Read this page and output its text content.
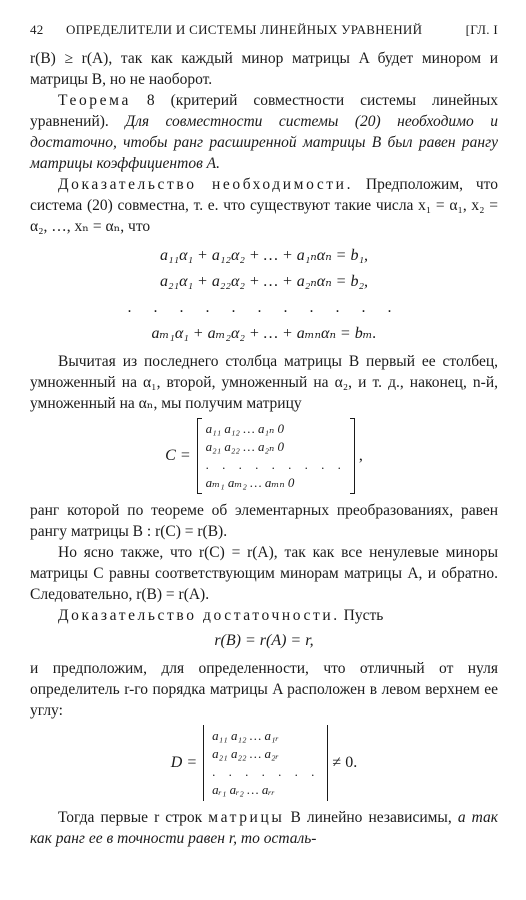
42	ОПРЕДЕЛИТЕЛИ И СИСТЕМЫ ЛИНЕЙНЫХ УРАВНЕНИЙ	[ГЛ. I

r(B) ≥ r(A), так как каждый минор матрицы A будет минором и матрицы B, но не наоборот.

Теорема 8 (критерий совместности системы линейных уравнений). Для совместности системы (20) необходимо и достаточно, чтобы ранг расширенной матрицы B был равен рангу матрицы коэффициентов A.

Доказательство необходимости. Предположим, что система (20) совместна, т. е. что существуют такие числа x₁ = α₁, x₂ = α₂, …, xₙ = αₙ, что

a₁₁α₁ + a₁₂α₂ + … + a₁ₙαₙ = b₁,
a₂₁α₁ + a₂₂α₂ + … + a₂ₙαₙ = b₂,
. . . . . . . . . . .
aₘ₁α₁ + aₘ₂α₂ + … + aₘₙαₙ = bₘ.

Вычитая из последнего столбца матрицы B первый ее столбец, умноженный на α₁, второй, умноженный на α₂, и т. д., наконец, n-й, умноженный на αₙ, мы получим матрицу

C =
a₁₁ a₁₂ … a₁ₙ 0
a₂₁ a₂₂ … a₂ₙ 0
. . . . . . . . .
aₘ₁ aₘ₂ … aₘₙ 0
,

ранг которой по теореме об элементарных преобразованиях, равен рангу матрицы B : r(C) = r(B).

Но ясно также, что r(C) = r(A), так как все ненулевые миноры матрицы C равны соответствующим минорам матрицы A, и обратно. Следовательно, r(B) = r(A).

Доказательство достаточности. Пусть

r(B) = r(A) = r,

и предположим, для определенности, что отличный от нуля определитель r-го порядка матрицы A расположен в левом верхнем ее углу:

D =
a₁₁ a₁₂ … a₁ᵣ
a₂₁ a₂₂ … a₂ᵣ
. . . . . . .
aᵣ₁ aᵣ₂ … aᵣᵣ
≠ 0.

Тогда первые r строк матрицы B линейно независимы, а так как ранг ее в точности равен r, то осталь-
